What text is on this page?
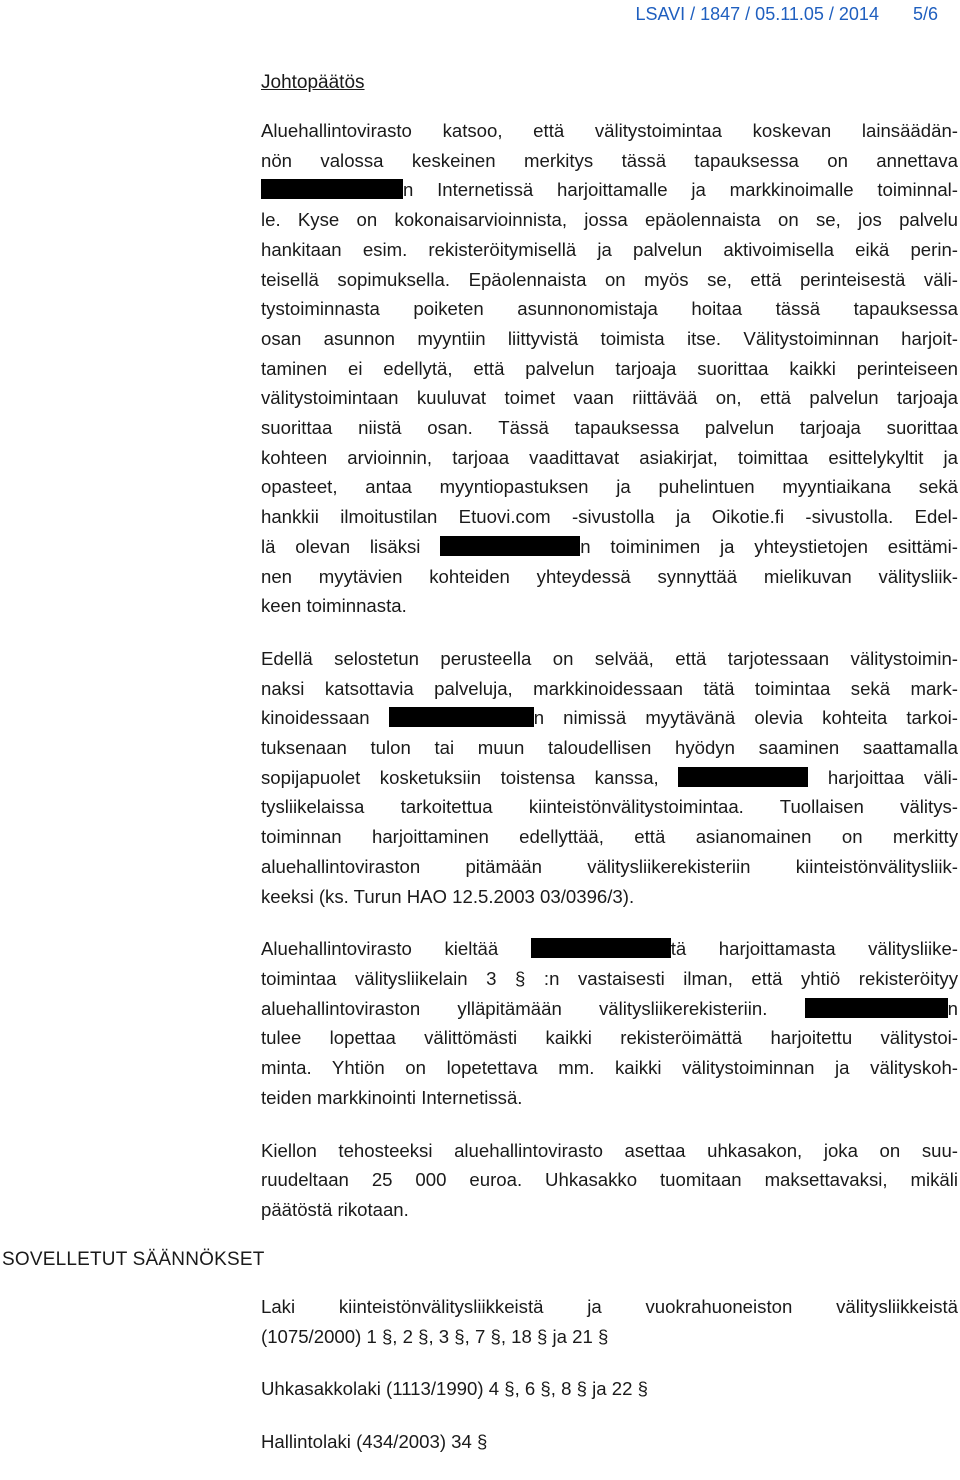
LSAVI / 1847 / 05.11.05 / 2014 5/6
Johtopäätös
Aluehallintovirasto katsoo, että välitystoimintaa koskevan lainsäädän-
nön valossa keskeinen merkitys tässä tapauksessa on annettava
n Internetissä harjoittamalle ja markkinoimalle toiminnal-
le. Kyse on kokonaisarvioinnista, jossa epäolennaista on se, jos palvelu
hankitaan esim. rekisteröitymisellä ja palvelun aktivoimisella eikä perin-
teisellä sopimuksella. Epäolennaista on myös se, että perinteisestä väli-
tystoiminnasta poiketen asunnonomistaja hoitaa tässä tapauksessa
osan asunnon myyntiin liittyvistä toimista itse. Välitystoiminnan harjoit-
taminen ei edellytä, että palvelun tarjoaja suorittaa kaikki perinteiseen
välitystoimintaan kuuluvat toimet vaan riittävää on, että palvelun tarjoaja
suorittaa niistä osan. Tässä tapauksessa palvelun tarjoaja suorittaa
kohteen arvioinnin, tarjoaa vaadittavat asiakirjat, toimittaa esittelykyltit ja
opasteet, antaa myyntiopastuksen ja puhelintuen myyntiaikana sekä
hankkii ilmoitustilan Etuovi.com -sivustolla ja Oikotie.fi -sivustolla. Edel-
lä olevan lisäksi	n toiminimen ja yhteystietojen esittämi-
nen myytävien kohteiden yhteydessä synnyttää mielikuvan välitysliik-
keen toiminnasta.
Edellä selostetun perusteella on selvää, että tarjotessaan välitystoimin-
naksi katsottavia palveluja, markkinoidessaan tätä toimintaa sekä mark-
kinoidessaan	n nimissä myytävänä olevia kohteita tarkoi-
tuksenaan tulon tai muun taloudellisen hyödyn saaminen saattamalla
sopijapuolet kosketuksiin toistensa kanssa,	harjoittaa väli-
tysliikelaissa tarkoitettua kiinteistönvälitystoimintaa. Tuollaisen välitys-
toiminnan harjoittaminen edellyttää, että asianomainen on merkitty
aluehallintoviraston pitämään välitysliikerekisteriin kiinteistönvälitysliik-
keeksi (ks. Turun HAO 12.5.2003 03/0396/3).
Aluehallintovirasto kieltää	tä harjoittamasta välitysliike-
toimintaa välitysliikelain 3 § :n vastaisesti ilman, että yhtiö rekisteröityy
aluehallintoviraston ylläpitämään välitysliikerekisteriin.	n
tulee lopettaa välittömästi kaikki rekisteröimättä harjoitettu välitystoi-
minta. Yhtiön on lopetettava mm. kaikki välitystoiminnan ja välityskoh-
teiden markkinointi Internetissä.
Kiellon tehosteeksi aluehallintovirasto asettaa uhkasakon, joka on suu-
ruudeltaan 25 000 euroa. Uhkasakko tuomitaan maksettavaksi, mikäli
päätöstä rikotaan.
SOVELLETUT SÄÄNNÖKSET
Laki kiinteistönvälitysliikkeistä ja vuokrahuoneiston välitysliikkeistä
(1075/2000) 1 §, 2 §, 3 §, 7 §, 18 § ja 21 §
Uhkasakkolaki (1113/1990) 4 §, 6 §, 8 § ja 22 §
Hallintolaki (434/2003) 34 §
